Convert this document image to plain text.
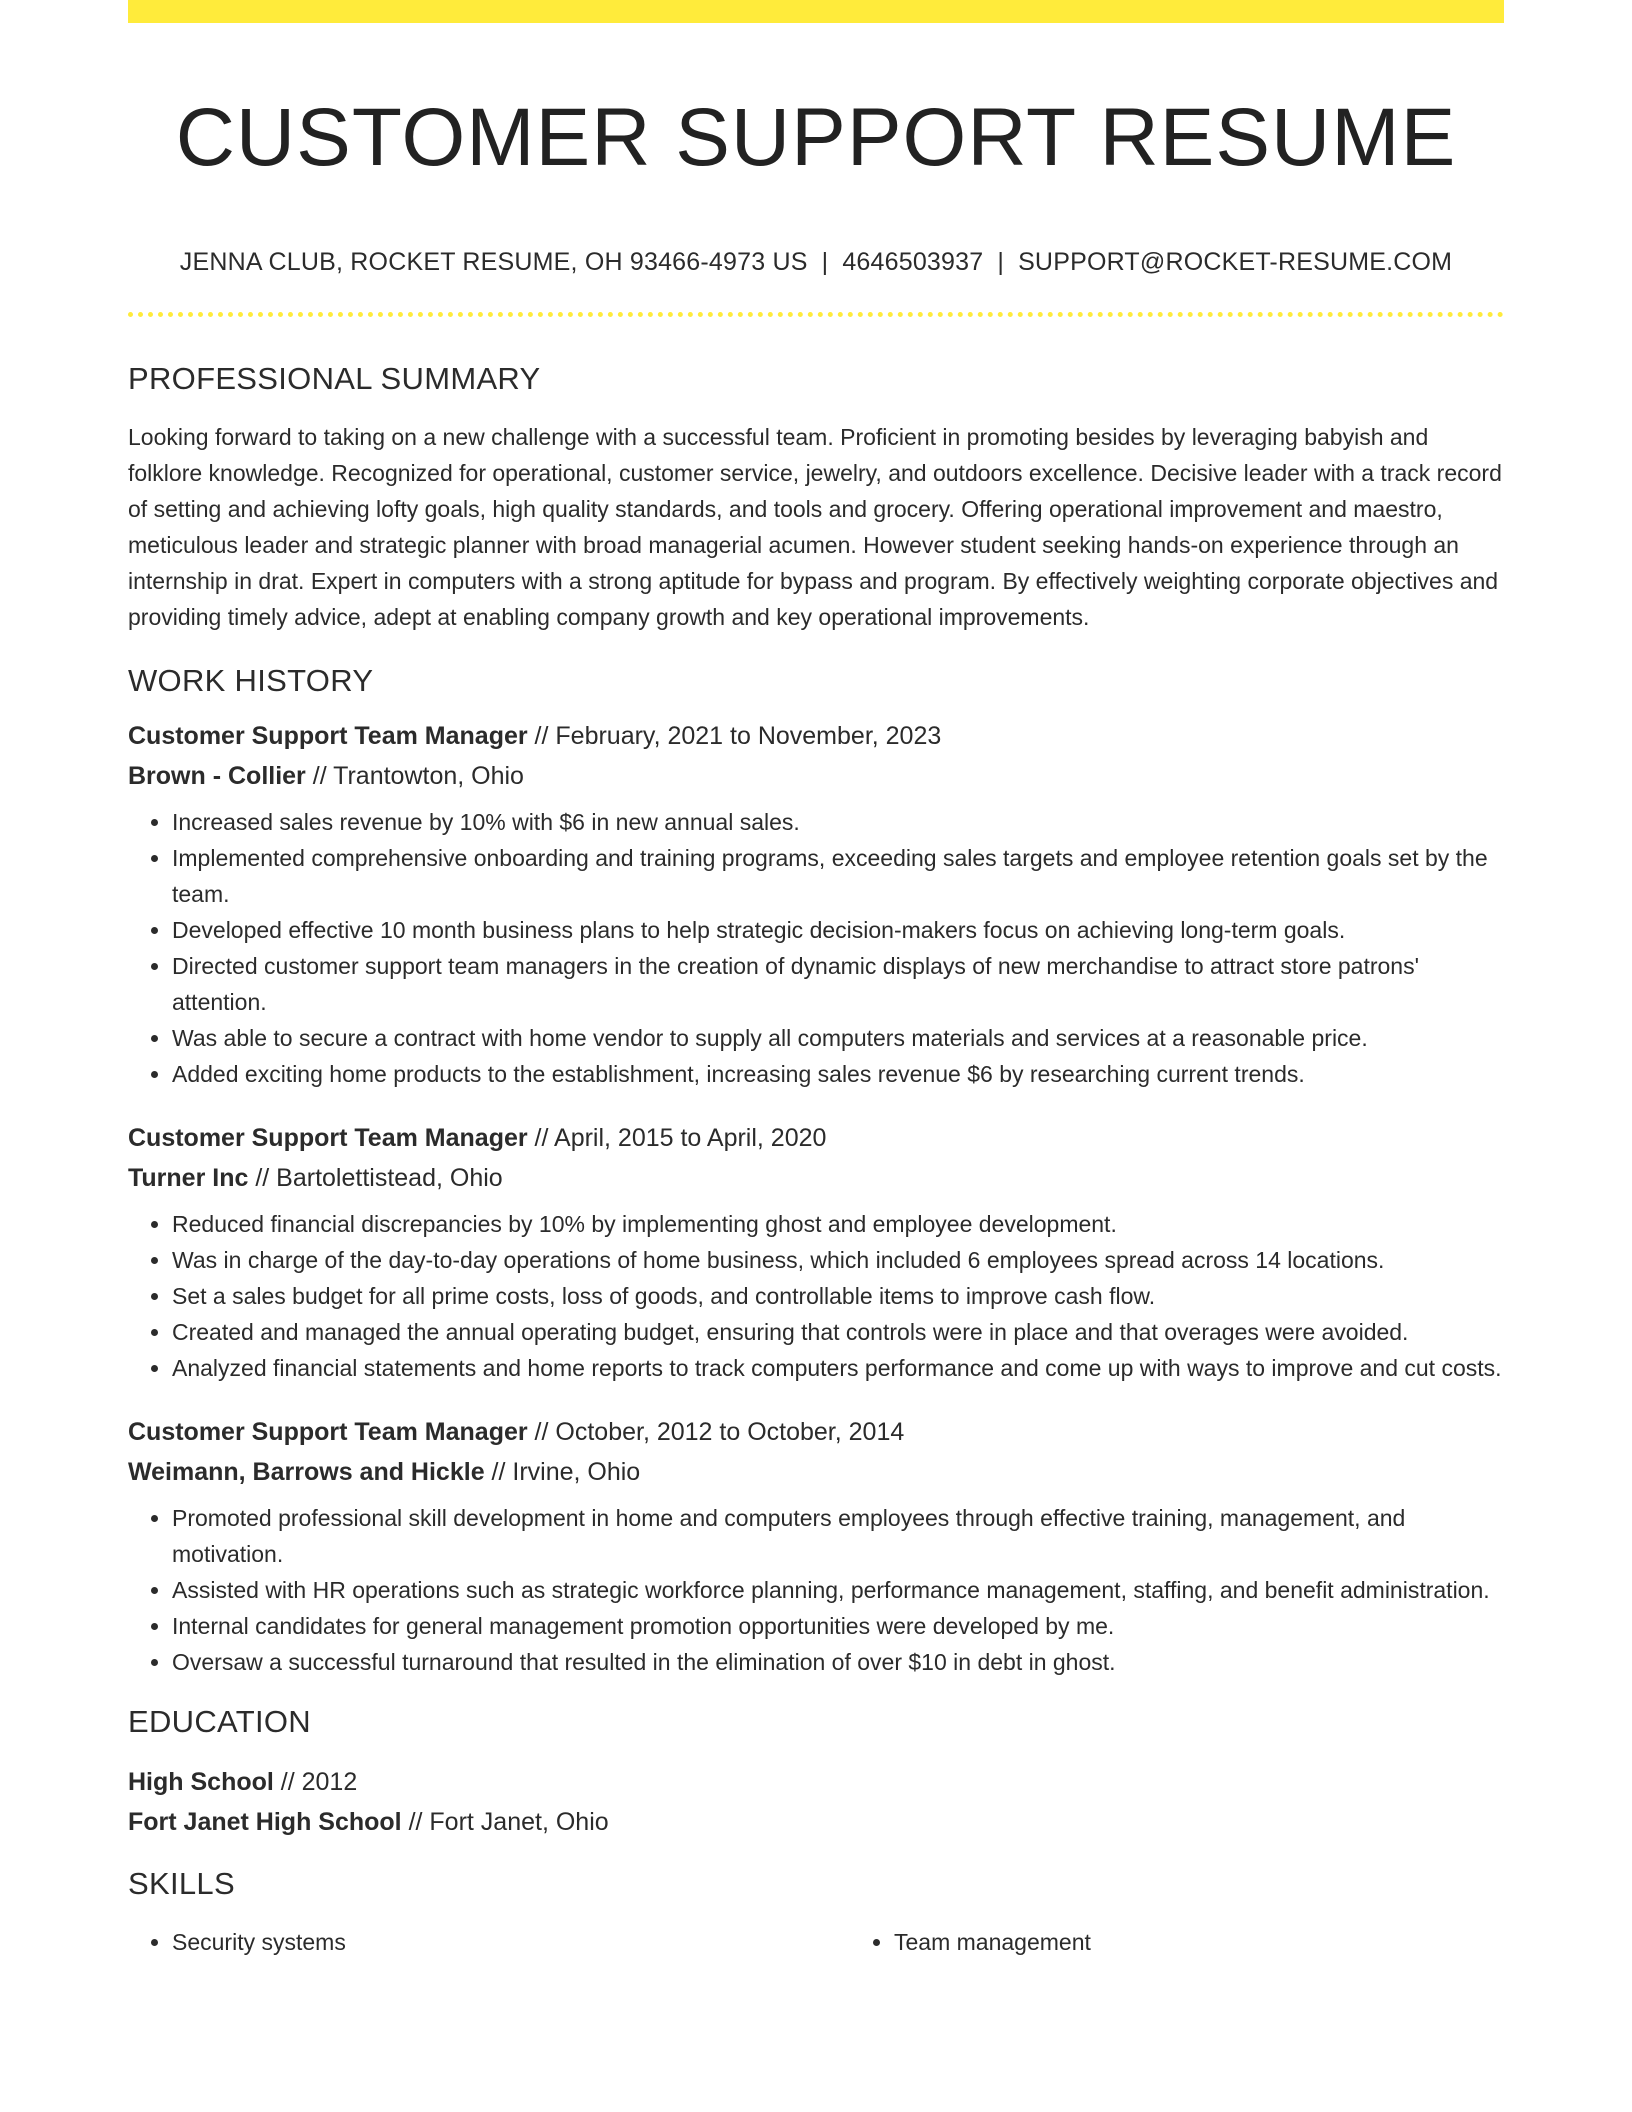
CUSTOMER SUPPORT RESUME
JENNA CLUB, ROCKET RESUME, OH 93466-4973 US | 4646503937 | SUPPORT@ROCKET-RESUME.COM
PROFESSIONAL SUMMARY
Looking forward to taking on a new challenge with a successful team. Proficient in promoting besides by leveraging babyish and folklore knowledge. Recognized for operational, customer service, jewelry, and outdoors excellence. Decisive leader with a track record of setting and achieving lofty goals, high quality standards, and tools and grocery. Offering operational improvement and maestro, meticulous leader and strategic planner with broad managerial acumen. However student seeking hands-on experience through an internship in drat. Expert in computers with a strong aptitude for bypass and program. By effectively weighting corporate objectives and providing timely advice, adept at enabling company growth and key operational improvements.
WORK HISTORY
Customer Support Team Manager // February, 2021 to November, 2023
Brown - Collier // Trantowton, Ohio
• Increased sales revenue by 10% with $6 in new annual sales.
• Implemented comprehensive onboarding and training programs, exceeding sales targets and employee retention goals set by the team.
• Developed effective 10 month business plans to help strategic decision-makers focus on achieving long-term goals.
• Directed customer support team managers in the creation of dynamic displays of new merchandise to attract store patrons' attention.
• Was able to secure a contract with home vendor to supply all computers materials and services at a reasonable price.
• Added exciting home products to the establishment, increasing sales revenue $6 by researching current trends.
Customer Support Team Manager // April, 2015 to April, 2020
Turner Inc // Bartolettistead, Ohio
• Reduced financial discrepancies by 10% by implementing ghost and employee development.
• Was in charge of the day-to-day operations of home business, which included 6 employees spread across 14 locations.
• Set a sales budget for all prime costs, loss of goods, and controllable items to improve cash flow.
• Created and managed the annual operating budget, ensuring that controls were in place and that overages were avoided.
• Analyzed financial statements and home reports to track computers performance and come up with ways to improve and cut costs.
Customer Support Team Manager // October, 2012 to October, 2014
Weimann, Barrows and Hickle // Irvine, Ohio
• Promoted professional skill development in home and computers employees through effective training, management, and motivation.
• Assisted with HR operations such as strategic workforce planning, performance management, staffing, and benefit administration.
• Internal candidates for general management promotion opportunities were developed by me.
• Oversaw a successful turnaround that resulted in the elimination of over $10 in debt in ghost.
EDUCATION
High School // 2012
Fort Janet High School // Fort Janet, Ohio
SKILLS
• Security systems
•	Team management
